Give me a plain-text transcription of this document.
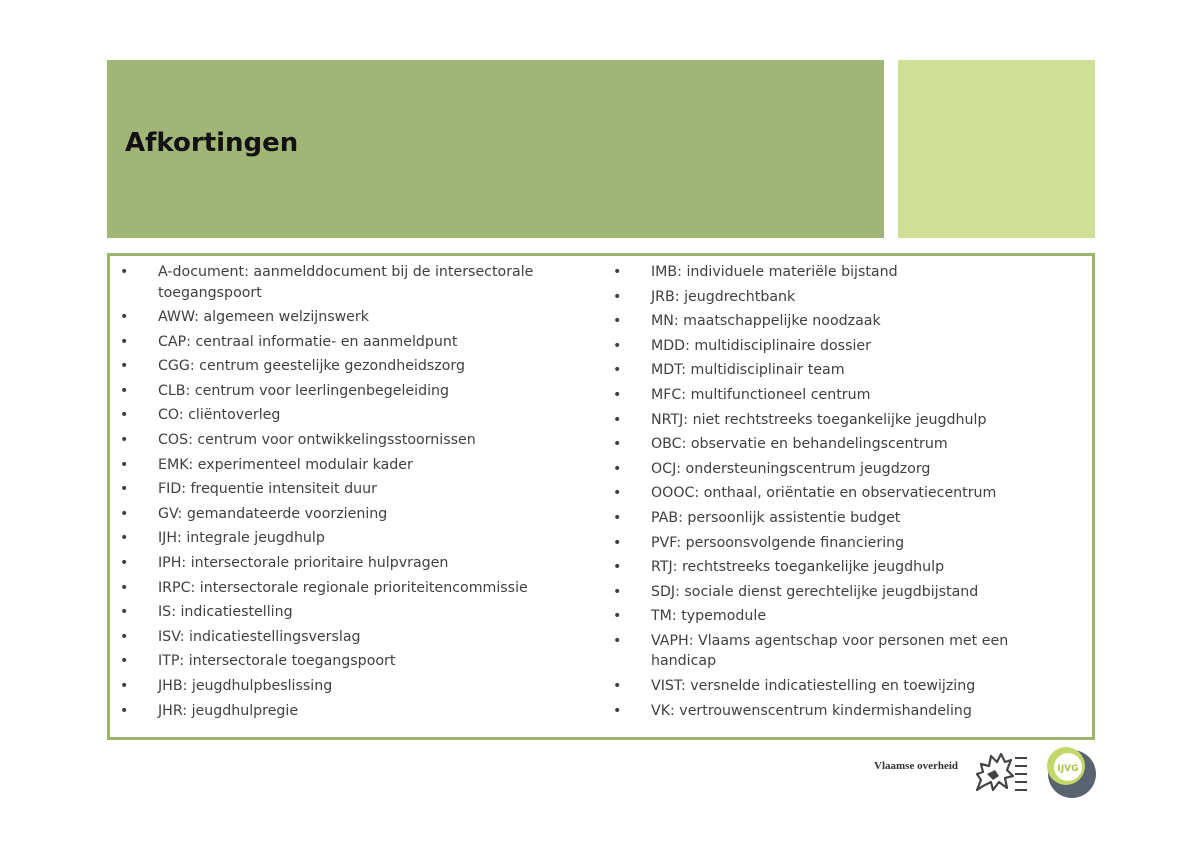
Afkortingen
• A-document: aanmelddocument bij de intersectorale toegangspoort
• AWW: algemeen welzijnswerk
• CAP: centraal informatie- en aanmeldpunt
• CGG: centrum geestelijke gezondheidszorg
• CLB: centrum voor leerlingenbegeleiding
• CO: cliëntoverleg
• COS: centrum voor ontwikkelingsstoornissen
• EMK: experimenteel modulair kader
• FID: frequentie intensiteit duur
• GV: gemandateerde voorziening
• IJH: integrale jeugdhulp
• IPH: intersectorale prioritaire hulpvragen
• IRPC: intersectorale regionale prioriteitencommissie
• IS: indicatiestelling
• ISV: indicatiestellingsverslag
• ITP: intersectorale toegangspoort
• JHB: jeugdhulpbeslissing
• JHR: jeugdhulpregie
• IMB: individuele materiële bijstand
• JRB: jeugdrechtbank
• MN: maatschappelijke noodzaak
• MDD: multidisciplinaire dossier
• MDT: multidisciplinair team
• MFC: multifunctioneel centrum
• NRTJ: niet rechtstreeks toegankelijke jeugdhulp
• OBC: observatie en behandelingscentrum
• OCJ: ondersteuningscentrum jeugdzorg
• OOOC: onthaal, oriëntatie en observatiecentrum
• PAB: persoonlijk assistentie budget
• PVF: persoonsvolgende financiering
• RTJ: rechtstreeks toegankelijke jeugdhulp
• SDJ: sociale dienst gerechtelijke jeugdbijstand
• TM: typemodule
• VAPH: Vlaams agentschap voor personen met een handicap
• VIST: versnelde indicatiestelling en toewijzing
• VK: vertrouwenscentrum kindermishandeling
Vlaamse overheid	IJVG
